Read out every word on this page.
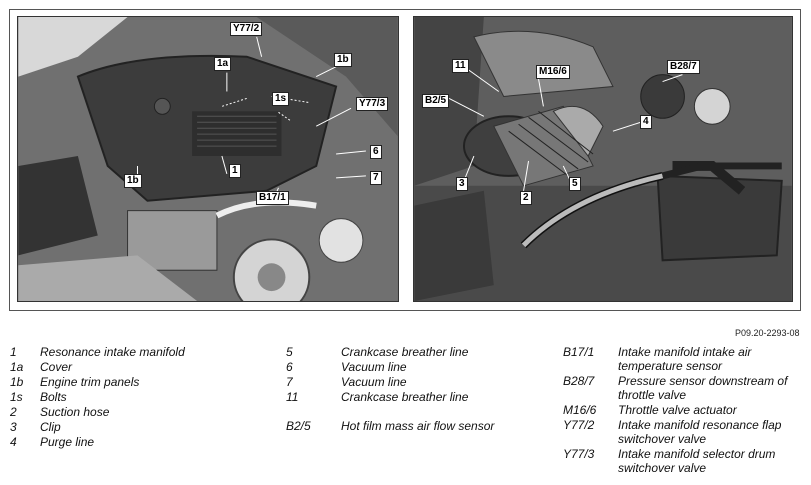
Y77/2
1a	1b
1s	Y77/3
1b
1
6
7
B17/1
11
M16/6	B28/7
B2/5
4
3
2
5
P09.20-2293-08
1 Resonance intake manifold
1a Cover
1b Engine trim panels
1s Bolts
2 Suction hose
3 Clip
4 Purge line
5	Crankcase breather line
6	Vacuum line
7	Vacuum line
11	Crankcase breather line
B2/5	Hot film mass air flow sensor
B17/1 Intake manifold intake air temperature sensor
B28/7 Pressure sensor downstream of throttle valve
M16/6 Throttle valve actuator
Y77/2 Intake manifold resonance flap switchover valve
Y77/3 Intake manifold selector drum switchover valve
